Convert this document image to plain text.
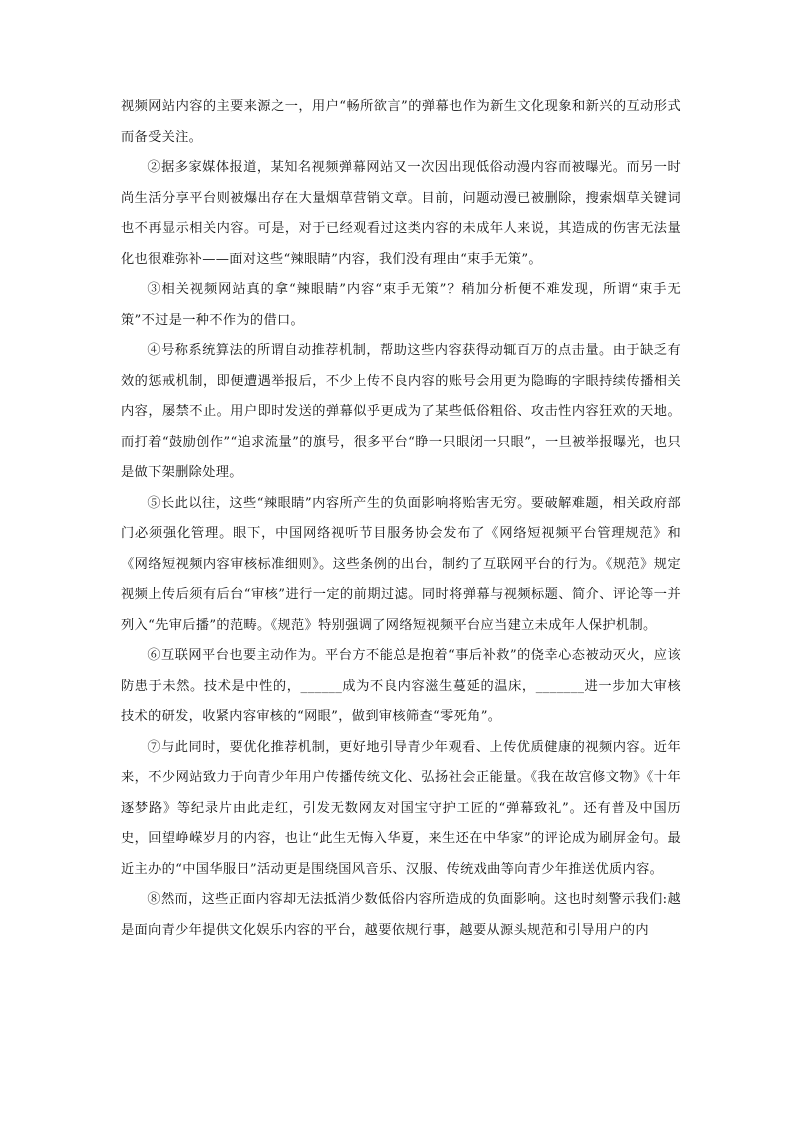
视频网站内容的主要来源之一，用户“畅所欲言”的弹幕也作为新生文化现象和新兴的互动形式而备受关注。

②据多家媒体报道，某知名视频弹幕网站又一次因出现低俗动漫内容而被曝光。而另一时尚生活分享平台则被爆出存在大量烟草营销文章。目前，问题动漫已被删除，搜索烟草关键词也不再显示相关内容。可是，对于已经观看过这类内容的未成年人来说，其造成的伤害无法量化也很难弥补——面对这些“辣眼睛”内容，我们没有理由“束手无策”。

③相关视频网站真的拿“辣眼睛”内容“束手无策”？稍加分析便不难发现，所谓“束手无策”不过是一种不作为的借口。

④号称系统算法的所谓自动推荐机制，帮助这些内容获得动辄百万的点击量。由于缺乏有效的惩戒机制，即便遭遇举报后，不少上传不良内容的账号会用更为隐晦的字眼持续传播相关内容，屡禁不止。用户即时发送的弹幕似乎更成为了某些低俗粗俗、攻击性内容狂欢的天地。而打着“鼓励创作”“追求流量”的旗号，很多平台“睁一只眼闭一只眼”，一旦被举报曝光，也只是做下架删除处理。

⑤长此以往，这些“辣眼睛”内容所产生的负面影响将贻害无穷。要破解难题，相关政府部门必须强化管理。眼下，中国网络视听节目服务协会发布了《网络短视频平台管理规范》和《网络短视频内容审核标准细则》。这些条例的出台，制约了互联网平台的行为。《规范》规定视频上传后须有后台“审核”进行一定的前期过滤。同时将弹幕与视频标题、简介、评论等一并列入“先审后播”的范畴。《规范》特别强调了网络短视频平台应当建立未成年人保护机制。

⑥互联网平台也要主动作为。平台方不能总是抱着“事后补救”的侥幸心态被动灭火，应该防患于未然。技术是中性的，______成为不良内容滋生蔓延的温床，_______进一步加大审核技术的研发，收紧内容审核的“网眼”，做到审核筛查“零死角”。

⑦与此同时，要优化推荐机制，更好地引导青少年观看、上传优质健康的视频内容。近年来，不少网站致力于向青少年用户传播传统文化、弘扬社会正能量。《我在故宫修文物》《十年逐梦路》等纪录片由此走红，引发无数网友对国宝守护工匠的“弹幕致礼”。还有普及中国历史，回望峥嵘岁月的内容，也让“此生无悔入华夏，来生还在中华家”的评论成为刷屏金句。最近主办的“中国华服日”活动更是围绕国风音乐、汉服、传统戏曲等向青少年推送优质内容。

⑧然而，这些正面内容却无法抵消少数低俗内容所造成的负面影响。这也时刻警示我们:越是面向青少年提供文化娱乐内容的平台，越要依规行事，越要从源头规范和引导用户的内
